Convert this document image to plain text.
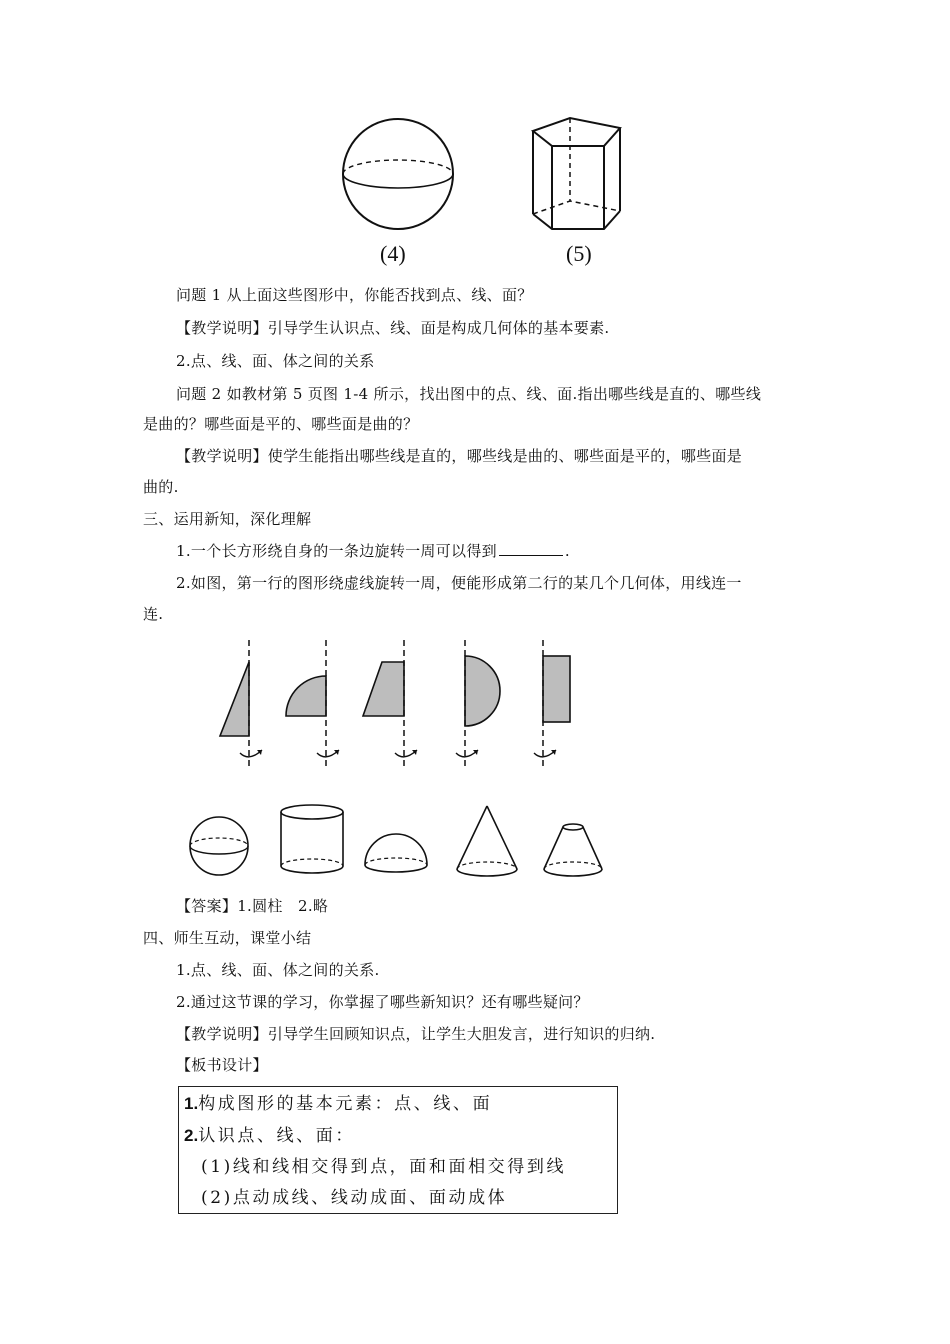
(4)	(5)
问题 1 从上面这些图形中，你能否找到点、线、面？
【教学说明】引导学生认识点、线、面是构成几何体的基本要素.
2.点、线、面、体之间的关系
问题 2 如教材第 5 页图 1-4 所示，找出图中的点、线、面.指出哪些线是直的、哪些线
是曲的？哪些面是平的、哪些面是曲的？
【教学说明】使学生能指出哪些线是直的，哪些线是曲的、哪些面是平的，哪些面是
曲的.
三、运用新知，深化理解
1.一个长方形绕自身的一条边旋转一周可以得到	.
2.如图，第一行的图形绕虚线旋转一周，便能形成第二行的某几个几何体，用线连一
连.
【答案】1.圆柱　2.略
四、师生互动，课堂小结
1.点、线、面、体之间的关系.
2.通过这节课的学习，你掌握了哪些新知识？还有哪些疑问？
【教学说明】引导学生回顾知识点，让学生大胆发言，进行知识的归纳.
【板书设计】
1.构成图形的基本元素：点、线、面
2.认识点、线、面：
(1)线和线相交得到点，面和面相交得到线
(2)点动成线、线动成面、面动成体
